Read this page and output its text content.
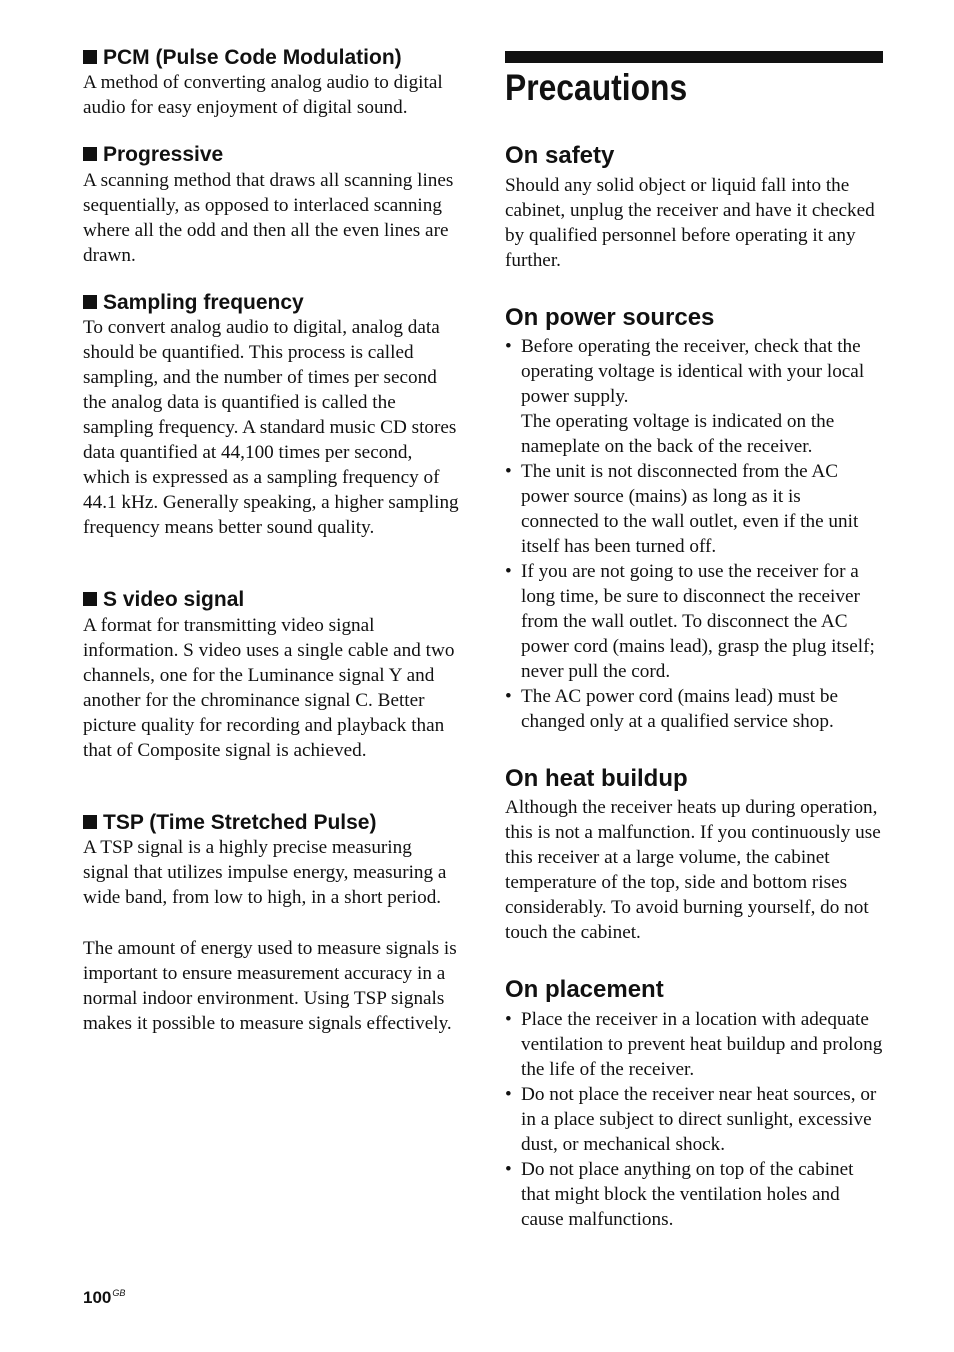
PCM (Pulse Code Modulation)

A method of converting analog audio to digital audio for easy enjoyment of digital sound.

Progressive

A scanning method that draws all scanning lines sequentially, as opposed to interlaced scanning where all the odd and then all the even lines are drawn.

Sampling frequency

To convert analog audio to digital, analog data should be quantified. This process is called sampling, and the number of times per second the analog data is quantified is called the sampling frequency. A standard music CD stores data quantified at 44,100 times per second, which is expressed as a sampling frequency of 44.1 kHz. Generally speaking, a higher sampling frequency means better sound quality.

S video signal

A format for transmitting video signal information. S video uses a single cable and two channels, one for the Luminance signal Y and another for the chrominance signal C. Better picture quality for recording and playback than that of Composite signal is achieved.

TSP (Time Stretched Pulse)

A TSP signal is a highly precise measuring signal that utilizes impulse energy, measuring a wide band, from low to high, in a short period.

The amount of energy used to measure signals is important to ensure measurement accuracy in a normal indoor environment. Using TSP signals makes it possible to measure signals effectively.

Precautions
On safety

Should any solid object or liquid fall into the cabinet, unplug the receiver and have it checked by qualified personnel before operating it any further.

On power sources
• Before operating the receiver, check that the operating voltage is identical with your local power supply.
The operating voltage is indicated on the nameplate on the back of the receiver.
• The unit is not disconnected from the AC power source (mains) as long as it is connected to the wall outlet, even if the unit itself has been turned off.
• If you are not going to use the receiver for a long time, be sure to disconnect the receiver from the wall outlet. To disconnect the AC power cord (mains lead), grasp the plug itself; never pull the cord.
• The AC power cord (mains lead) must be changed only at a qualified service shop.
On heat buildup

Although the receiver heats up during operation, this is not a malfunction. If you continuously use this receiver at a large volume, the cabinet temperature of the top, side and bottom rises considerably. To avoid burning yourself, do not touch the cabinet.

On placement
• Place the receiver in a location with adequate ventilation to prevent heat buildup and prolong the life of the receiver.
• Do not place the receiver near heat sources, or in a place subject to direct sunlight, excessive dust, or mechanical shock.
• Do not place anything on top of the cabinet that might block the ventilation holes and cause malfunctions.
$100^{GB}$
